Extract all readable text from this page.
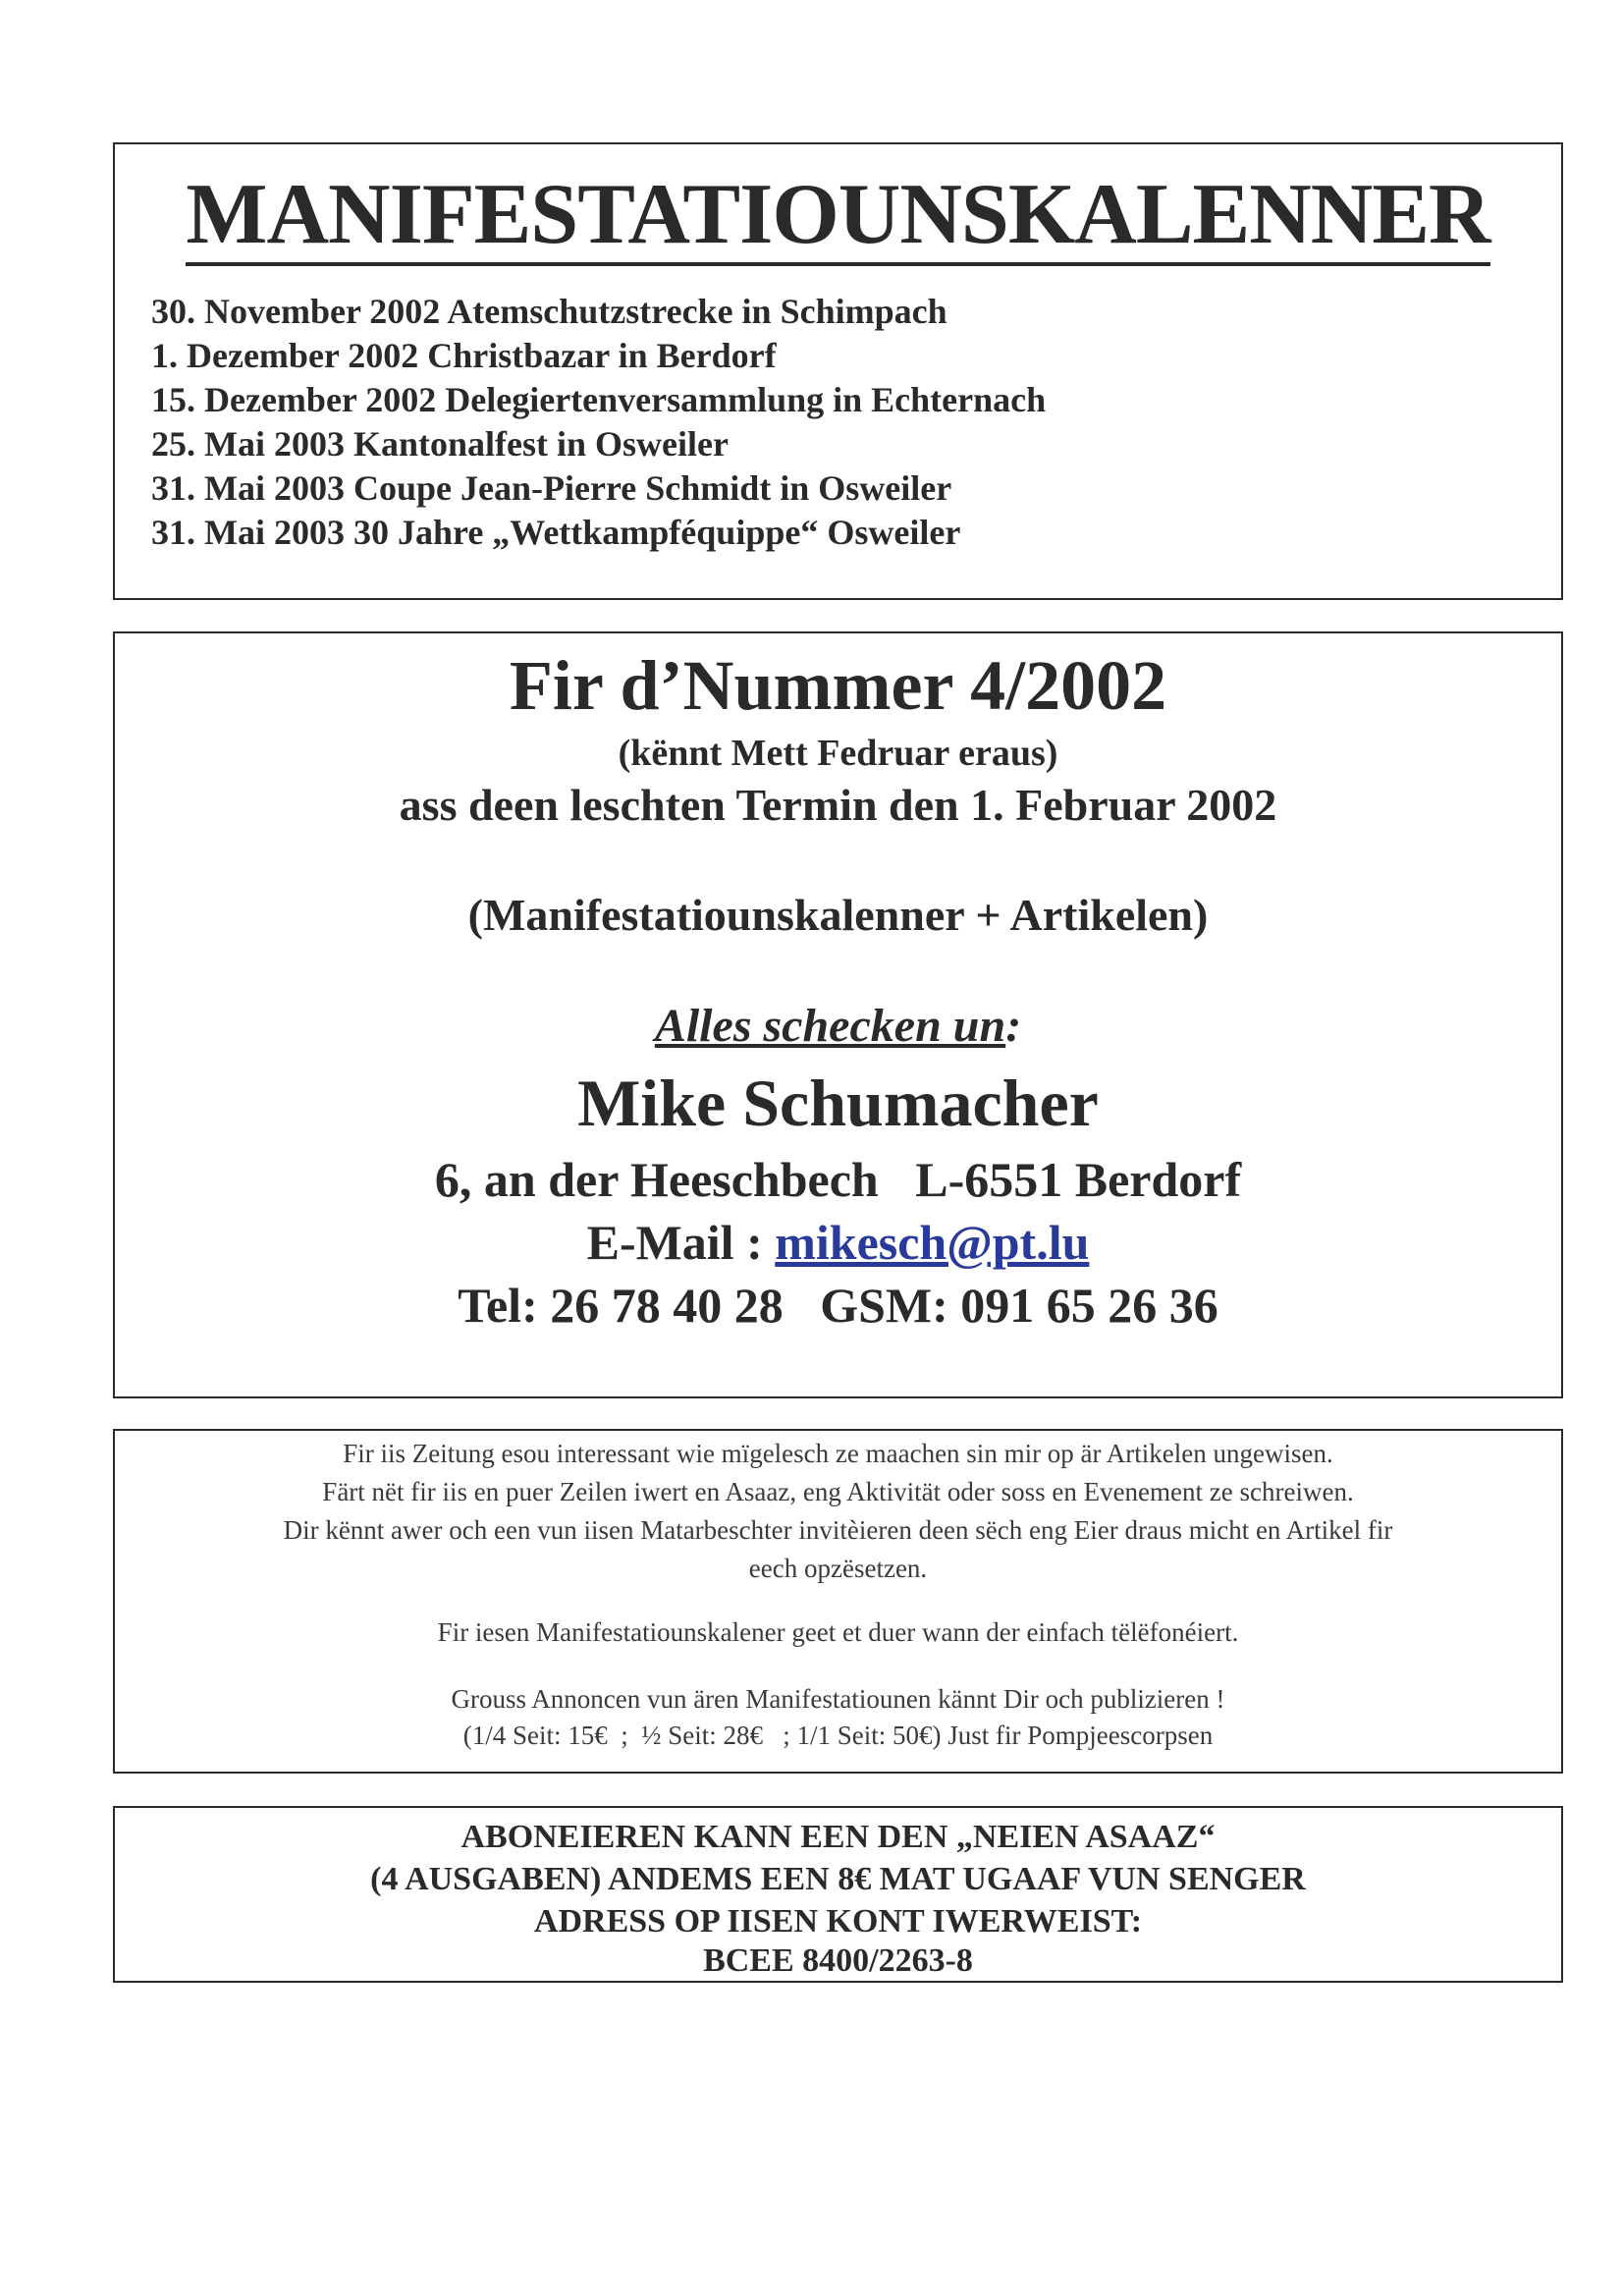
MANIFESTATIOUNSKALENNER
30. November 2002 Atemschutzstrecke in Schimpach
1. Dezember 2002 Christbazar in Berdorf
15. Dezember 2002 Delegiertenversammlung in Echternach
25. Mai 2003 Kantonalfest in Osweiler
31. Mai 2003 Coupe Jean-Pierre Schmidt in Osweiler
31. Mai 2003 30 Jahre „Wettkampféquippe“ Osweiler
Fir d’Nummer 4/2002
(kënnt Mett Fedruar eraus)
ass deen leschten Termin den 1. Februar 2002
(Manifestatiounskalenner + Artikelen)
Alles schecken un:
Mike Schumacher
6, an der Heeschbech   L-6551 Berdorf
E-Mail : mikesch@pt.lu
Tel: 26 78 40 28   GSM: 091 65 26 36
Fir iis Zeitung esou interessant wie mïgelesch ze maachen sin mir op är Artikelen ungewisen.
Färt nët fir iis en puer Zeilen iwert en Asaaz, eng Aktivität oder soss en Evenement ze schreiwen.
Dir kënnt awer och een vun iisen Matarbeschter invitèieren deen sëch eng Eier draus micht en Artikel fir
eech opzësetzen.
Fir iesen Manifestatiounskalener geet et duer wann der einfach tëlëfonéiert.
Grouss Annoncen vun ären Manifestatiounen kännt Dir och publizieren !
(1/4 Seit: 15€  ;  ½ Seit: 28€   ; 1/1 Seit: 50€) Just fir Pompjeescorpsen
ABONEIEREN KANN EEN DEN „NEIEN ASAAZ“
(4 AUSGABEN) ANDEMS EEN 8€ MAT UGAAF VUN SENGER
ADRESS OP IISEN KONT IWERWEIST:
BCEE 8400/2263-8
